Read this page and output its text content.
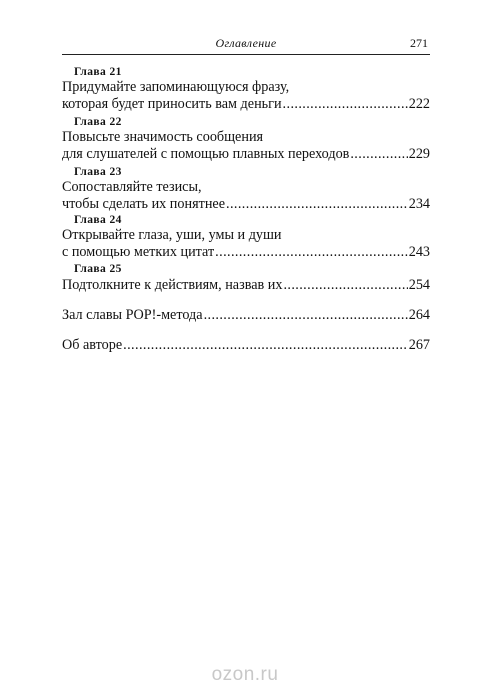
Оглавление	271
Глава 21
Придумайте запоминающуюся фразу,
которая будет приносить вам деньги .....	222
Глава 22
Повысьте значимость сообщения
для слушателей с помощью плавных переходов .....	229
Глава 23
Сопоставляйте тезисы,
чтобы сделать их понятнее .....	234
Глава 24
Открывайте глаза, уши, умы и души
с помощью метких цитат .....	243
Глава 25
Подтолкните к действиям, назвав их .....	254
Зал славы POP!-метода .....	264
Об авторе .....	267
ozon.ru
